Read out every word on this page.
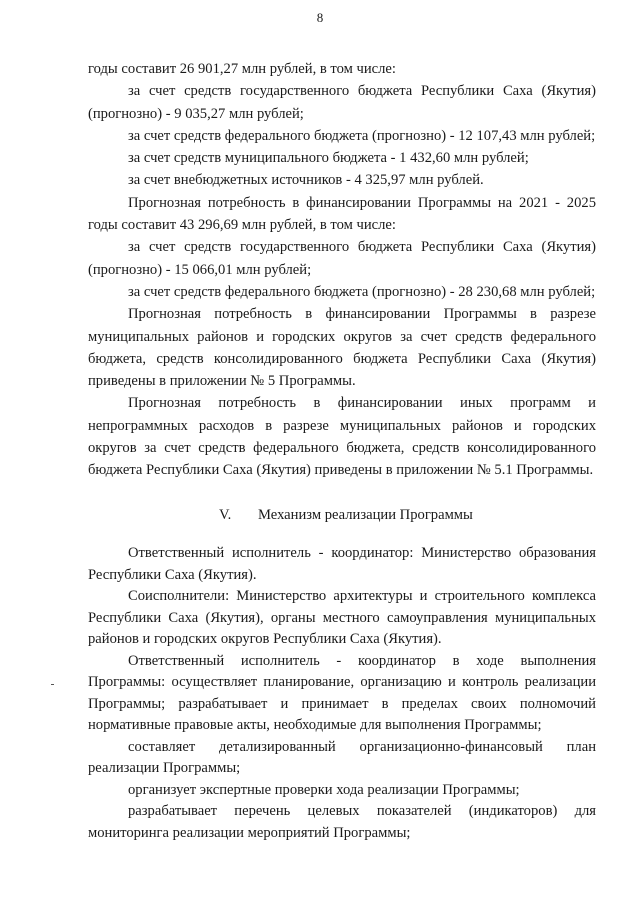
8

годы составит 26 901,27 млн рублей, в том числе:

за счет средств государственного бюджета Республики Саха (Якутия) (прогнозно) - 9 035,27 млн рублей;

за счет средств федерального бюджета (прогнозно) - 12 107,43 млн рублей;

за счет средств муниципального бюджета - 1 432,60 млн рублей;

за счет внебюджетных источников - 4 325,97 млн рублей.

Прогнозная потребность в финансировании Программы на 2021 - 2025 годы составит 43 296,69 млн рублей, в том числе:

за счет средств государственного бюджета Республики Саха (Якутия) (прогнозно) - 15 066,01 млн рублей;

за счет средств федерального бюджета (прогнозно) - 28 230,68 млн рублей;

Прогнозная потребность в финансировании Программы в разрезе муниципальных районов и городских округов за счет средств федерального бюджета, средств консолидированного бюджета Республики Саха (Якутия) приведены в приложении № 5 Программы.

Прогнозная потребность в финансировании иных программ и непрограммных расходов в разрезе муниципальных районов и городских округов за счет средств федерального бюджета, средств консолидированного бюджета Республики Саха (Якутия) приведены в приложении № 5.1 Программы.

V. Механизм реализации Программы

Ответственный исполнитель - координатор: Министерство образования Республики Саха (Якутия).

Соисполнители: Министерство архитектуры и строительного комплекса Республики Саха (Якутия), органы местного самоуправления муниципальных районов и городских округов Республики Саха (Якутия).

Ответственный исполнитель - координатор в ходе выполнения Программы: осуществляет планирование, организацию и контроль реализации Программы; разрабатывает и принимает в пределах своих полномочий нормативные правовые акты, необходимые для выполнения Программы;

составляет детализированный организационно-финансовый план реализации Программы;

организует экспертные проверки хода реализации Программы;

разрабатывает перечень целевых показателей (индикаторов) для мониторинга реализации мероприятий Программы;
